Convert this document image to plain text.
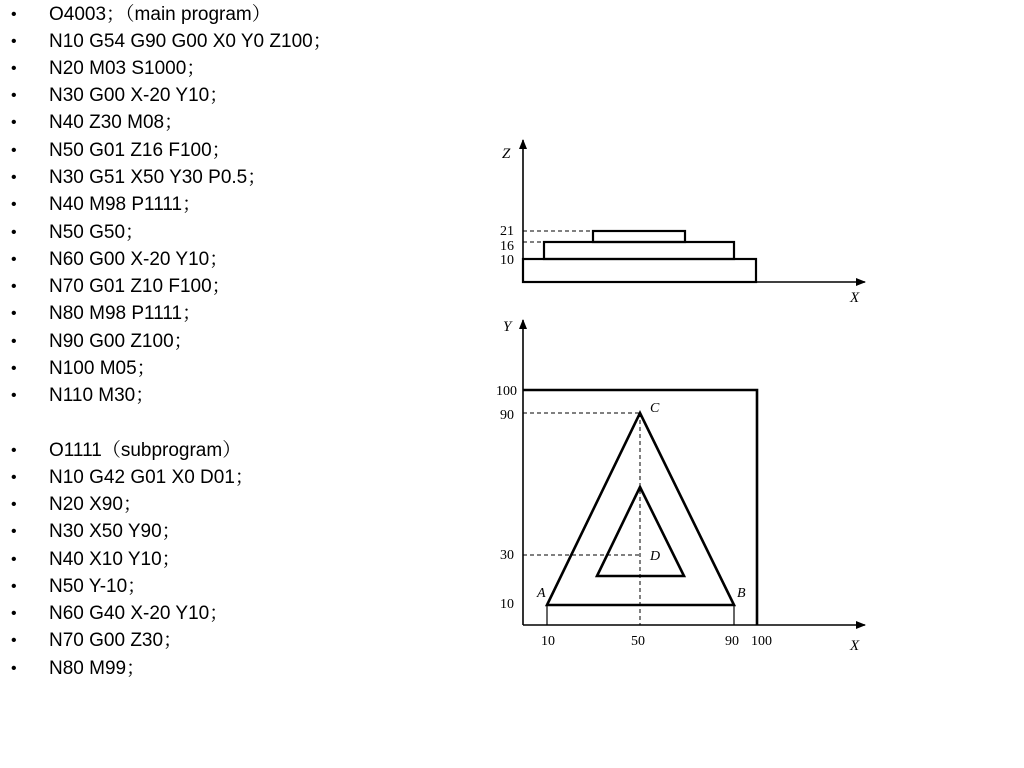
• O4003；（main program）
• N10 G54 G90 G00 X0 Y0 Z100；
• N20 M03 S1000；
• N30 G00 X-20 Y10；
• N40 Z30 M08；
• N50 G01 Z16 F100；
• N30 G51 X50 Y30 P0.5；
• N40 M98 P1111；
• N50 G50；
• N60 G00 X-20 Y10；
• N70 G01 Z10 F100；
• N80 M98 P1111；
• N90 G00 Z100；
• N100 M05；
• N110 M30；
• O1111（subprogram）
• N10 G42 G01 X0 D01；
• N20 X90；
• N30 X50 Y90；
• N40 X10 Y10；
• N50 Y-10；
• N60 G40 X-20 Y10；
• N70 G00 Z30；
• N80 M99；
Z
X
21
16
10
Y
X
100
90
30
10
10	50	90 100
A	B
C
D
